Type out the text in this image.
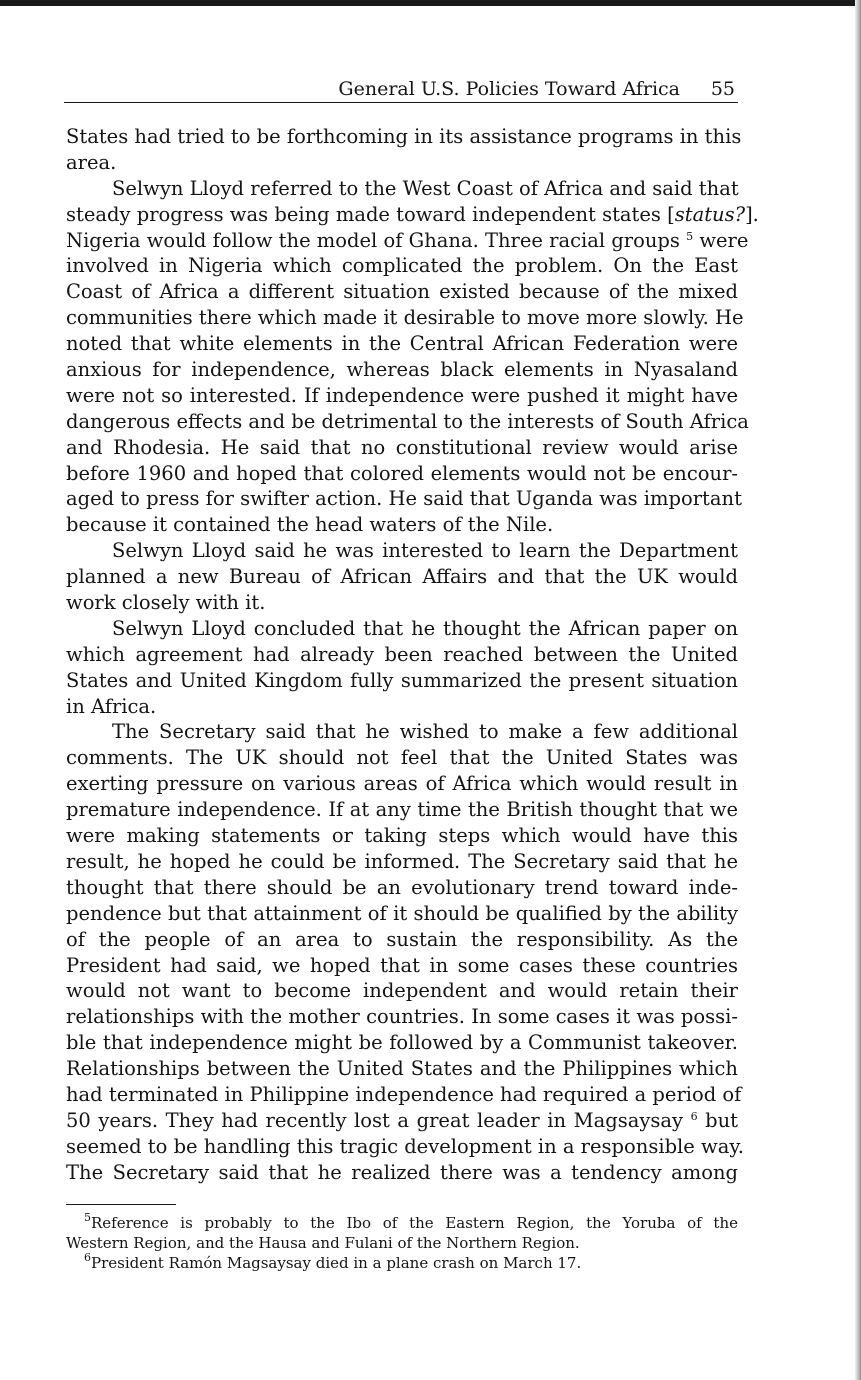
General U.S. Policies Toward Africa 55
States had tried to be forthcoming in its assistance programs in this
area.
Selwyn Lloyd referred to the West Coast of Africa and said that
steady progress was being made toward independent states [status?].
Nigeria would follow the model of Ghana. Three racial groups $^5$ were
involved in Nigeria which complicated the problem. On the East
Coast of Africa a different situation existed because of the mixed
communities there which made it desirable to move more slowly. He
noted that white elements in the Central African Federation were
anxious for independence, whereas black elements in Nyasaland
were not so interested. If independence were pushed it might have
dangerous effects and be detrimental to the interests of South Africa
and Rhodesia. He said that no constitutional review would arise
before 1960 and hoped that colored elements would not be encour-
aged to press for swifter action. He said that Uganda was important
because it contained the head waters of the Nile.
Selwyn Lloyd said he was interested to learn the Department
planned a new Bureau of African Affairs and that the UK would
work closely with it.
Selwyn Lloyd concluded that he thought the African paper on
which agreement had already been reached between the United
States and United Kingdom fully summarized the present situation
in Africa.
The Secretary said that he wished to make a few additional
comments. The UK should not feel that the United States was
exerting pressure on various areas of Africa which would result in
premature independence. If at any time the British thought that we
were making statements or taking steps which would have this
result, he hoped he could be informed. The Secretary said that he
thought that there should be an evolutionary trend toward inde-
pendence but that attainment of it should be qualified by the ability
of the people of an area to sustain the responsibility. As the
President had said, we hoped that in some cases these countries
would not want to become independent and would retain their
relationships with the mother countries. In some cases it was possi-
ble that independence might be followed by a Communist takeover.
Relationships between the United States and the Philippines which
had terminated in Philippine independence had required a period of
50 years. They had recently lost a great leader in Magsaysay $^6$ but
seemed to be handling this tragic development in a responsible way.
The Secretary said that he realized there was a tendency among
$^5$Reference is probably to the Ibo of the Eastern Region, the Yoruba of the
Western Region, and the Hausa and Fulani of the Northern Region.
$^6$President Ramón Magsaysay died in a plane crash on March 17.
